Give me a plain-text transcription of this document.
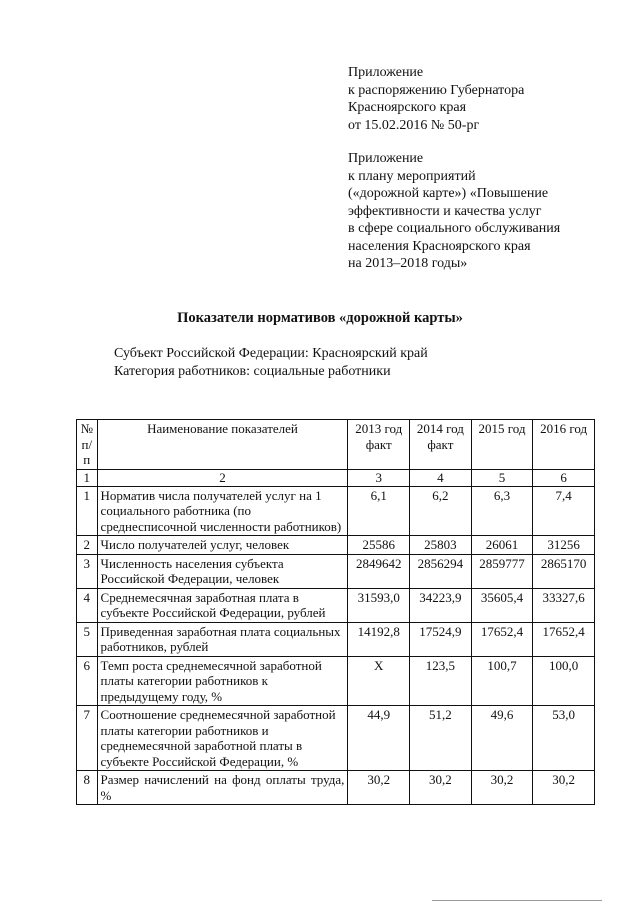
Приложение
к распоряжению Губернатора
Красноярского края
от 15.02.2016 № 50-рг
Приложение
к плану мероприятий
(«дорожной карте») «Повышение
эффективности и качества услуг
в сфере социального обслуживания
населения Красноярского края
на 2013–2018 годы»
Показатели нормативов «дорожной карты»
Субъект Российской Федерации: Красноярский край
Категория работников: социальные работники
№ п/п	Наименование показателей	2013 год факт	2014 год факт	2015 год	2016 год
1	2	3	4	5	6
1	Норматив числа получателей услуг на 1 социального работника (по среднесписочной численности работников)	6,1	6,2	6,3	7,4
2	Число получателей услуг, человек	25586	25803	26061	31256
3	Численность населения субъекта Российской Федерации, человек	2849642	2856294	2859777	2865170
4	Среднемесячная заработная плата в субъекте Российской Федерации, рублей	31593,0	34223,9	35605,4	33327,6
5	Приведенная заработная плата социальных работников, рублей	14192,8	17524,9	17652,4	17652,4
6	Темп роста среднемесячной заработной платы категории работников к предыдущему году, %	Х	123,5	100,7	100,0
7	Соотношение среднемесячной заработной платы категории работников и среднемесячной заработной платы в субъекте Российской Федерации, %	44,9	51,2	49,6	53,0
8	Размер начислений на фонд оплаты труда, %	30,2	30,2	30,2	30,2
